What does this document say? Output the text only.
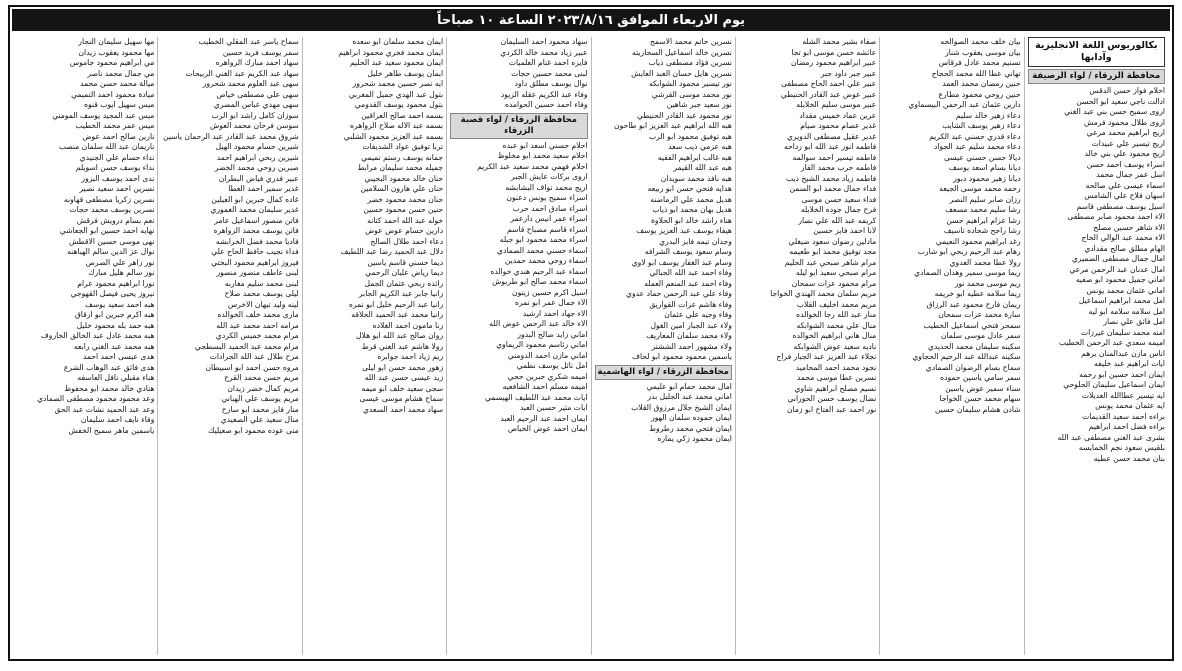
يوم الاربعاء الموافق ٢٠٢٣/٨/١٦ الساعة ١٠ صباحاً
بكالوريوس اللغة الانجليزية وآدابها
محافظة الزرقاء / لواء الرصيفة
احلام فواز حسن الدقس
ادالت ناجي سعيد ابو الحسن
اروى سميح حسن بني عبد الغني
اروى طلال محمود فرمش
اريج ابراهيم محمد مرعي
اريج تيسير علي عبيدات
اريج محمود علي بني خالد
اسراء يوسف احمد حسن
اسل عمر جمال محمد
اسماء عيسى علي صالحه
اسهان فلاح علي الشامس
اسيل يوسف مصطفى قاسم
الاء احمد محمود صابر مصطفى
الاء شاهر حسين مصلح
الاء محمد عبد الوالي الحاج
الهام مطلق صالح مقدادي
امال جمال مصطفى الضميري
امال عدنان عبد الرحمن مرعي
اماني جميل محمود ابو صفيه
اماني عثمان محمد يونس
امل محمد ابراهيم اسماعيل
امل سلامه سلامه ابو ليه
امل فائق علي نصار
امنه محمد سليمان غيرزات
اميمه سعدي عبد الرحمن الخطيب
اناس مازن عبدالمنان برهم
ايات ابراهيم عبد خليفه
ايمان احمد حسين ابو رحمه
ايمان اسماعيل سليمان الحلوحي
ايه تيسير عطاالله العديلات
ايه عثمان محمد يونس
براءه احمد سعيد القديمات
براءه فضل احمد ابراهيم
بشرى عبد الغني مصطفى عبد الله
بلقيس سعود نجم الخمايسه
بنان محمد حسن عطيه
بيان خلف محمد الصوالحه
بيان موسى يعقوب شنار
تسنيم محمد عادل فرقاس
تهاني عطا الله محمد الحجاج
حنين رمضان محمد العمد
حنين روحي محمود مطارع
دارين عثمان عبد الرحمن البيسماوي
دعاء زهير خالد سليم
دعاء زهير يوسف الشايب
دعاء قدري حسني عبد الكريم
دعاء محمد سليم عبد الجواد
ديالا حسن حسني عيسى
ديانا بسام اسعد يوسف
ديانا زهير محمود دبور
رحمه محمد موسى الجيعه
رزان صابر سليم النصر
رشا سليم محمد مسعف
رشا عزام ابراهيم حسن
رشا راجح شحاده تاسيف
رغد ابراهيم محمود النعيمي
رهام عبد الرحيم ربحي ابو شارب
رولا عطا محمد العدوي
ريما موسى سمير وهدان الصمادي
ريم موسى محمد نور
ريما سلامه عطيه ابو خريمه
ريمان فارح محمود عبد الرزاق
سارة محمد عزات سمحان
سمحر فتحي اسماعيل الخطيب
سمر عادل موسى سلمان
سكينه سليمان محمد الحديدي
سكينه عبدالله عبد الرحيم الحجاوي
سماح بسام الرضوان الصمادي
سمر سامي ياسين حموده
سناء سمير عوض ياسين
سهام محمد حسن الخواجا
شادن هشام سليمان حسين
صفاء بشير محمد الشله
عائشه حسن موسى ابو تجا
عبير ابراهيم محمود رمضان
عبير جبر داود جبر
عبير علي احمد الحاج مصطفى
عبير عوض عبد القادر الحنيطي
عبير موسى سليم الخلايله
عرين عماد خميس مقداد
غدير عصام محمود صيام
غدير عقيل مصطفى الدويري
فاطمه انور عبد الله ابو رداحه
فاطمه تيسير احمد سوالمه
فاطمه حرب محمد الفار
فاطمه زياد محمد الشيخ ذيب
فداء جمال محمد ابو السمن
فداء سعيد حسن موسى
فرح جمال جوده الخلايله
كريمه عبد الله علي نصار
لانا احمد فايز حسين
مادلين رضوان سعود ضيغلي
مجد توفيق محمد ابو طعيمه
مرام شاهر صبحي عبد الحليم
مرام صبحي سعيد ابو ليله
مرام محمود عزات سمحان
مريم سلمان محمد الهندي الخواجا
مريم محمد اخليف القلاب
منار عبد الله رجا الخوالده
منال علي محمد الشوابكه
منال هاني ابراهيم الخوالده
ناديه سعيد عوض الشوابكه
نجلاء عبد العزيز عبد الجبار فراج
نجود محمد احمد المحاميد
نسرين عطا موسى محمد
نسيم مصلح ابراهيم شاوي
نضال يوسف حسن الحوراني
نور احمد عبد الفتاح ابو زمان
نسرين حاتم محمد الاسمح
نسرين خالد اسماعيل السحاريته
نسرين فؤاد مصطفى ذياب
نسرين هايل حسان العبد العايش
نور تيسير محمود الشوابكه
نور محمد موسى القرشي
نور سعيد جبر شاهين
نور محمود عبد القادر الحنيطي
هبه الله ابراهيم عبد العزيز ابو طاحون
هبه توفيق محمود ابو الرب
هبه عزمي ذيب سعد
هبه غالب ابراهيم الفقيه
هبه عبد الله القيمر
هبه نافذ محمد سويدان
هدايه فتحي حسن ابو ربيعه
هديل محمد علي الرماضنه
هديل بهان محمد ابو ذياب
هناء راشد خالد ابو الحلاوة
هيفاء يوسف عبد العزيز يوسف
وجدان تيمه فايز البدري
وسام سعود يوسف الشرافه
وسام عبد الغفار يوسف ابو لاوي
وفاء احمد عبد الله الجبالي
وفاء احمد عبد المنعم العمله
وفاء علي عبد الرحمن حماد عدوي
وفاء هاشم عزات القواريق
وفاء وجيه علي عثمان
ولاء عبد الجبار امين الغول
ولاء محمد سلمان المعاريف
ولاء مشهور احمد الششتر
ياسمين محمود محمود ابو لحاف
محافظة الزرقاء / لواء الهاشمية
امال محمد حمام ابو عليمي
اماني محمد عبد الجليل بدر
ايمان الشيخ جلال مرزوق القلاب
ايمان حموده سلمان الهور
ايمان فتحي محمد رطروط
ايمان محمود زكي يماره
سهاد محمود احمد السليمان
عبير زياد محمد خالد الكردي
فايزه احمد غنام العلميات
لبنى محمد حسين حجات
نوال يوسف مطلق داود
وفاء عبد الكريم عقله الزيود
وفاء احمد حسين الحوامده
محافظة الزرقاء / لواء قصبة الزرقاء
احلام حسني اسعد ابو عبده
احلام سعيد محمد ابو مخلوظ
احلام فهمي محمد سعيد عبد الكريم
اروى بركات عايش الجبر
اريج محمد نواف البشابشه
اسراء سميح يونس دعنون
اسراء صادق احمد حرب
اسراء عمر انيس دارعمر
اسراء قاسم مصباح قاسم
اسراء محمد محمود ابو جبله
اسماء حسني محمد الصمادي
اسماء روحي محمد حمدين
اسماء عبد الرحيم هندي خوالده
اسماء محمد صالح ابو طربوش
اسيل اكرم حسين زيتون
الاء جمال عمر ابو نمره
الاء جهاد احمد ارشيد
الاء خالد عبد الرحمن عوض الله
اماني زايد صالح البدور
اماني رئاسم محمود الريماوي
اماني مازن احمد الدومني
امل نائل يوسف نظمي
اميمه شكري جبرين حجي
اميمه مسلم احمد الشافعيه
ايات محمد عبد اللطيف الهيسمي
ايات مثير حسين العبد
ايمان احمد عبد الرحيم العبد
ايمان احمد عوض الخياص
ايمان محمد سلمان ابو سعده
ايمان محمد فخري محمود ابراهيم
ايمان محمود سعيد عبد الحليم
ايمان يوسف طاهر خليل
ايه نصر حسين محمد شحرور
بتول عبد الهدي جميل المغربي
بتول محمود يوسف القدومي
بسمه احمد صالح العراقين
بسمه عبد الاله صلاح الزواهره
بسمه عبد العزيز محمود الشلبي
تربا توفيق عواد الشديفات
جمانه يوسف رستم تميمي
جميله محمد سليمان مرابط
حنان خالد محمود البحيبي
حنان علي هارون السلامين
حنان محمد محمود خضر
حنين حسن محمود حسين
خوله عبد الله احمد كتانه
دارين حسام عوض عوض
دعاء احمد طلال الصالح
دلال عبد الحميد رضا عبد اللطيف
ديما حسني قاسم ياسين
ديما رياض عليان الرحمي
رائده ربحي عثمان الجمل
رانيا جابر عبد الكريم الجابر
رانيا عبد الرحيم خليل ابو نمره
رانيا محمد عبد الحميد الحلاقه
رنا مامون احمد الغلاده
روان صالح عبد الله ابو هلال
رولا هاشم عبد الغني قرط
ريم زياد احمد جوابره
زهور محمد حسن ابو ليلى
زيد عيسى حسن عبد الله
سجى سعيد خلف ابو ميمه
سماح هشام موسى عيسى
سهاد محمد احمد السعدي
سماح ياسر عبد المقلي الخطيب
سمر يوسف فريد حسين
سهاد احمد مبارك الزواهره
سهاد عبد الكريم عبد الغني الربيحات
سهى عبد العلوم محمد شحرور
سهى علي مصطفى خياص
سهى مهدي عباس المصري
سوزان كامل راشد ابو الرب
سوسن فرحان محمد العوش
شروق محمد عبد القادر عبد الرحمان ياسين
شيرين حسام محمود الهيل
شيرين ربحي ابراهيم احمد
صبرين روحي محمد الخضر
عبير فدري فياض البطران
غدير سمير احمد العطا
غاده كمال جبرين ابو العيلين
غدير سليمان محمد الغموري
فاتن منصور اسماعيل عامر
فاتن يوسف محمد الزواهره
فاديا محمد فضل الخرابشه
فداء نجيب حافظ الحاج علي
فيروز ابراهيم محمود البختي
لبنى عاطف منصور منصور
لبنى محمد سليم مغاربه
ليلى يوسف محمد صلاح
لينه وليد تيهان الاخرس
مارى محمد خلف الخوالده
مرامه احمد محمد عبد الله
مرام محمد خميس الكردي
مرام محمد عبد الحميد البسطجي
مرح طلال عبد الله الجرادات
مروه حسن احمد ابو اسبيطان
مريم حسن محمد القرح
مريم كمال خضر زيدان
مريم يوسف علي الهباني
منار فايز محمد ابو سارح
منال سعيد علي الصعيدي
منى عوده محمود ابو صعيليك
مها سهيل سليمان النجار
مها محمود يعقوب زيدان
مي ابراهيم محمود جاموس
مي جمال محمد ناصر
ميالة محمد حسن محمد
ميادة محمود احمد التميمي
ميس سهيل ايوب قنوه
ميس عبد المجيد يوسف المومني
ميس عمر محمد الخطيب
نارين صالح احمد عوض
ناريمان عبد الله سلمان منصب
نداء حسام علي الجنيدي
نداء يوسف حسن اسويلم
ندى احمد يوسف البزور
نسرين احمد سعيد نصير
نسرين زكريا مصطفى قهاونه
نسرين يوسف محمد حجات
نعم بسام درويش فرقش
نهايه احمد حسين ابو الجعاشي
نهى موسى حسين الاقطش
نوال عز الدين سالم الهباهنه
نور زاهر علي الصرص
نور سالم هليل مبارك
نورا ابراهيم محمود عرام
نيروز يحيى فيصل القهوجي
هبه احمد سعيد يوسف
هبه اكرم جبرين ابو ارقاق
هبه حمد بله محمود خليل
هبه محمد عادل عبد الخالق الخاروف
هبه محمد عبد الغني رابعه
هدى عيسى احمد احمد
هدى فائق عبد الوهاب الشرع
هناء مقبلي نافل العاسفه
هنادي خالد محمد ابو محفوظ
وعد محمود محمود مصطفى الصمادي
وعد عبد الحميد نشات عبد الحق
وفاء نايف احمد سليمان
ياسمين ماهر سميح الخفش
